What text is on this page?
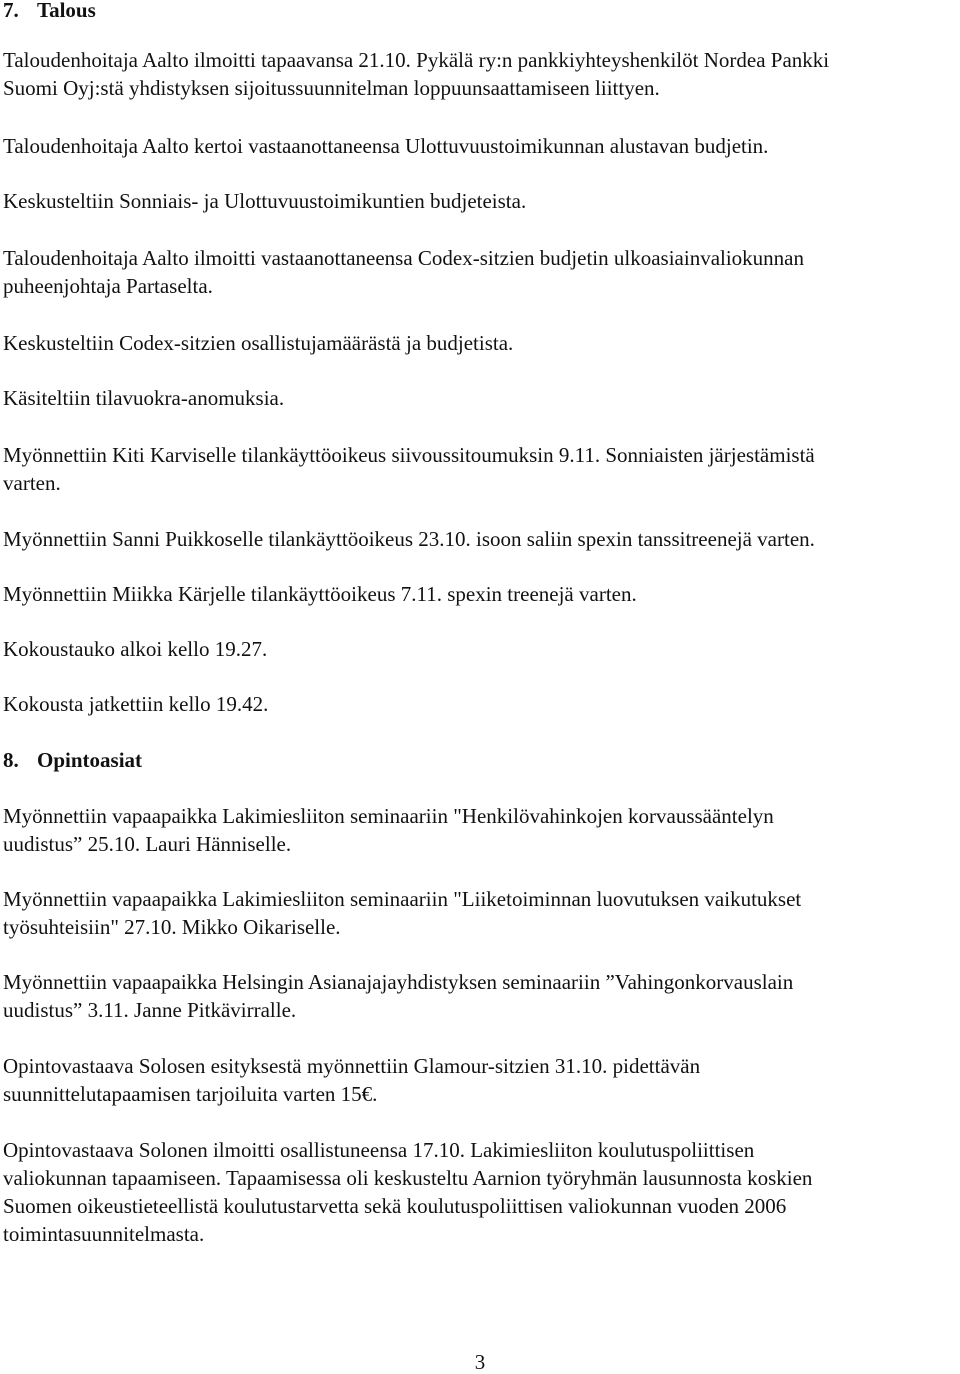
7. Talous

Taloudenhoitaja Aalto ilmoitti tapaavansa 21.10. Pykälä ry:n pankkiyhteyshenkilöt Nordea Pankki
Suomi Oyj:stä yhdistyksen sijoitussuunnitelman loppuunsaattamiseen liittyen.

Taloudenhoitaja Aalto kertoi vastaanottaneensa Ulottuvuustoimikunnan alustavan budjetin.

Keskusteltiin Sonniais- ja Ulottuvuustoimikuntien budjeteista.

Taloudenhoitaja Aalto ilmoitti vastaanottaneensa Codex-sitzien budjetin ulkoasiainvaliokunnan
puheenjohtaja Partaselta.

Keskusteltiin Codex-sitzien osallistujamäärästä ja budjetista.

Käsiteltiin tilavuokra-anomuksia.

Myönnettiin Kiti Karviselle tilankäyttöoikeus siivoussitoumuksin 9.11. Sonniaisten järjestämistä
varten.

Myönnettiin Sanni Puikkoselle tilankäyttöoikeus 23.10. isoon saliin spexin tanssitreenejä varten.

Myönnettiin Miikka Kärjelle tilankäyttöoikeus 7.11. spexin treenejä varten.

Kokoustauko alkoi kello 19.27.

Kokousta jatkettiin kello 19.42.

8. Opintoasiat

Myönnettiin vapaapaikka Lakimiesliiton seminaariin "Henkilövahinkojen korvaussääntelyn
uudistus” 25.10. Lauri Hänniselle.

Myönnettiin vapaapaikka Lakimiesliiton seminaariin "Liiketoiminnan luovutuksen vaikutukset
työsuhteisiin" 27.10. Mikko Oikariselle.

Myönnettiin vapaapaikka Helsingin Asianajajayhdistyksen seminaariin ”Vahingonkorvauslain
uudistus” 3.11. Janne Pitkävirralle.

Opintovastaava Solosen esityksestä myönnettiin Glamour-sitzien 31.10. pidettävän
suunnittelutapaamisen tarjoiluita varten 15€.

Opintovastaava Solonen ilmoitti osallistuneensa 17.10. Lakimiesliiton koulutuspoliittisen
valiokunnan tapaamiseen. Tapaamisessa oli keskusteltu Aarnion työryhmän lausunnosta koskien
Suomen oikeustieteellistä koulutustarvetta sekä koulutuspoliittisen valiokunnan vuoden 2006
toimintasuunnitelmasta.

3
